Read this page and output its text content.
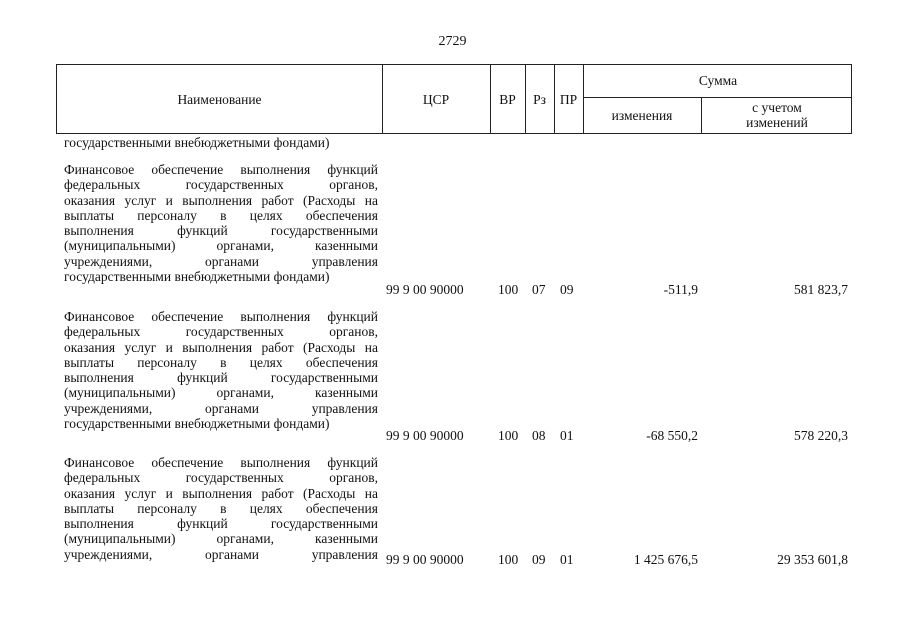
2729
Наименование	ЦСР	ВР	Рз	ПР
Сумма
изменения
с учетом
изменений
государственными внебюджетными фондами)
Финансовое обеспечение выполнения функций
федеральных государственных органов,
оказания услуг и выполнения работ (Расходы на
выплаты персоналу в целях обеспечения
выполнения функций государственными
(муниципальными) органами, казенными
учреждениями, органами управления
государственными внебюджетными фондами)
99 9 00 90000	100 07 09	-511,9	581 823,7
Финансовое обеспечение выполнения функций
федеральных государственных органов,
оказания услуг и выполнения работ (Расходы на
выплаты персоналу в целях обеспечения
выполнения функций государственными
(муниципальными) органами, казенными
учреждениями, органами управления
государственными внебюджетными фондами)
99 9 00 90000	100 08 01	-68 550,2	578 220,3
Финансовое обеспечение выполнения функций
федеральных государственных органов,
оказания услуг и выполнения работ (Расходы на
выплаты персоналу в целях обеспечения
выполнения функций государственными
(муниципальными) органами, казенными
учреждениями, органами управления 99 9 00 90000	100 09 01	1 425 676,5	29 353 601,8
